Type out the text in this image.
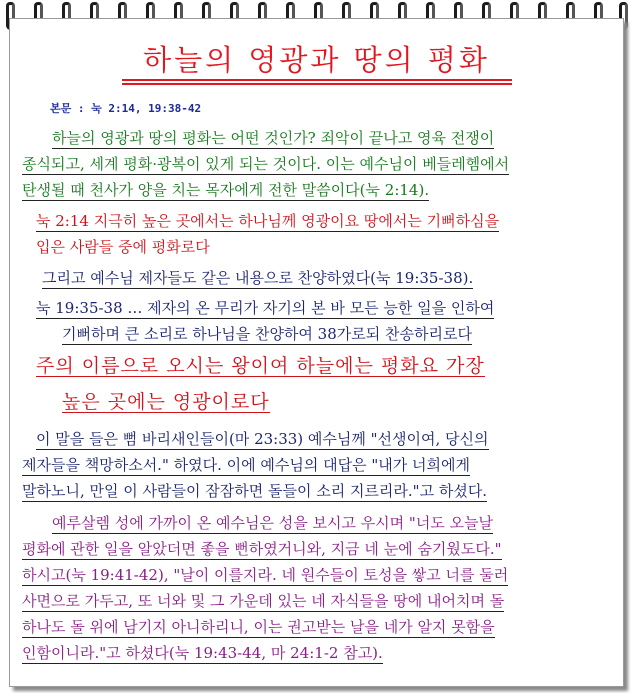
하늘의 영광과 땅의 평화
본문 : 눅 2:14, 19:38-42
하늘의 영광과 땅의 평화는 어떤 것인가? 죄악이 끝나고 영육 전쟁이
종식되고, 세계 평화·광복이 있게 되는 것이다. 이는 예수님이 베들레헴에서
탄생될 때 천사가 양을 치는 목자에게 전한 말씀이다(눅 2:14).
눅 2:14 지극히 높은 곳에서는 하나님께 영광이요 땅에서는 기뻐하심을
입은 사람들 중에 평화로다
그리고 예수님 제자들도 같은 내용으로 찬양하였다(눅 19:35-38).
눅 19:35-38 … 제자의 온 무리가 자기의 본 바 모든 능한 일을 인하여
기뻐하며 큰 소리로 하나님을 찬양하여 38가로되 찬송하리로다
주의 이름으로 오시는 왕이여 하늘에는 평화요 가장
높은 곳에는 영광이로다
이 말을 들은 뻠 바리새인들이(마 23:33) 예수님께 "선생이여, 당신의
제자들을 책망하소서." 하였다. 이에 예수님의 대답은 "내가 너희에게
말하노니, 만일 이 사람들이 잠잠하면 돌들이 소리 지르리라."고 하셨다.
예루살렘 성에 가까이 온 예수님은 성을 보시고 우시며 "너도 오늘날
평화에 관한 일을 알았더면 좋을 뻔하였거니와, 지금 네 눈에 숨기웠도다."
하시고(눅 19:41-42), "날이 이를지라. 네 원수들이 토성을 쌓고 너를 둘러
사면으로 가두고, 또 너와 및 그 가운데 있는 네 자식들을 땅에 내어치며 돌
하나도 돌 위에 남기지 아니하리니, 이는 권고받는 날을 네가 알지 못함을
인함이니라."고 하셨다(눅 19:43-44, 마 24:1-2 참고).
